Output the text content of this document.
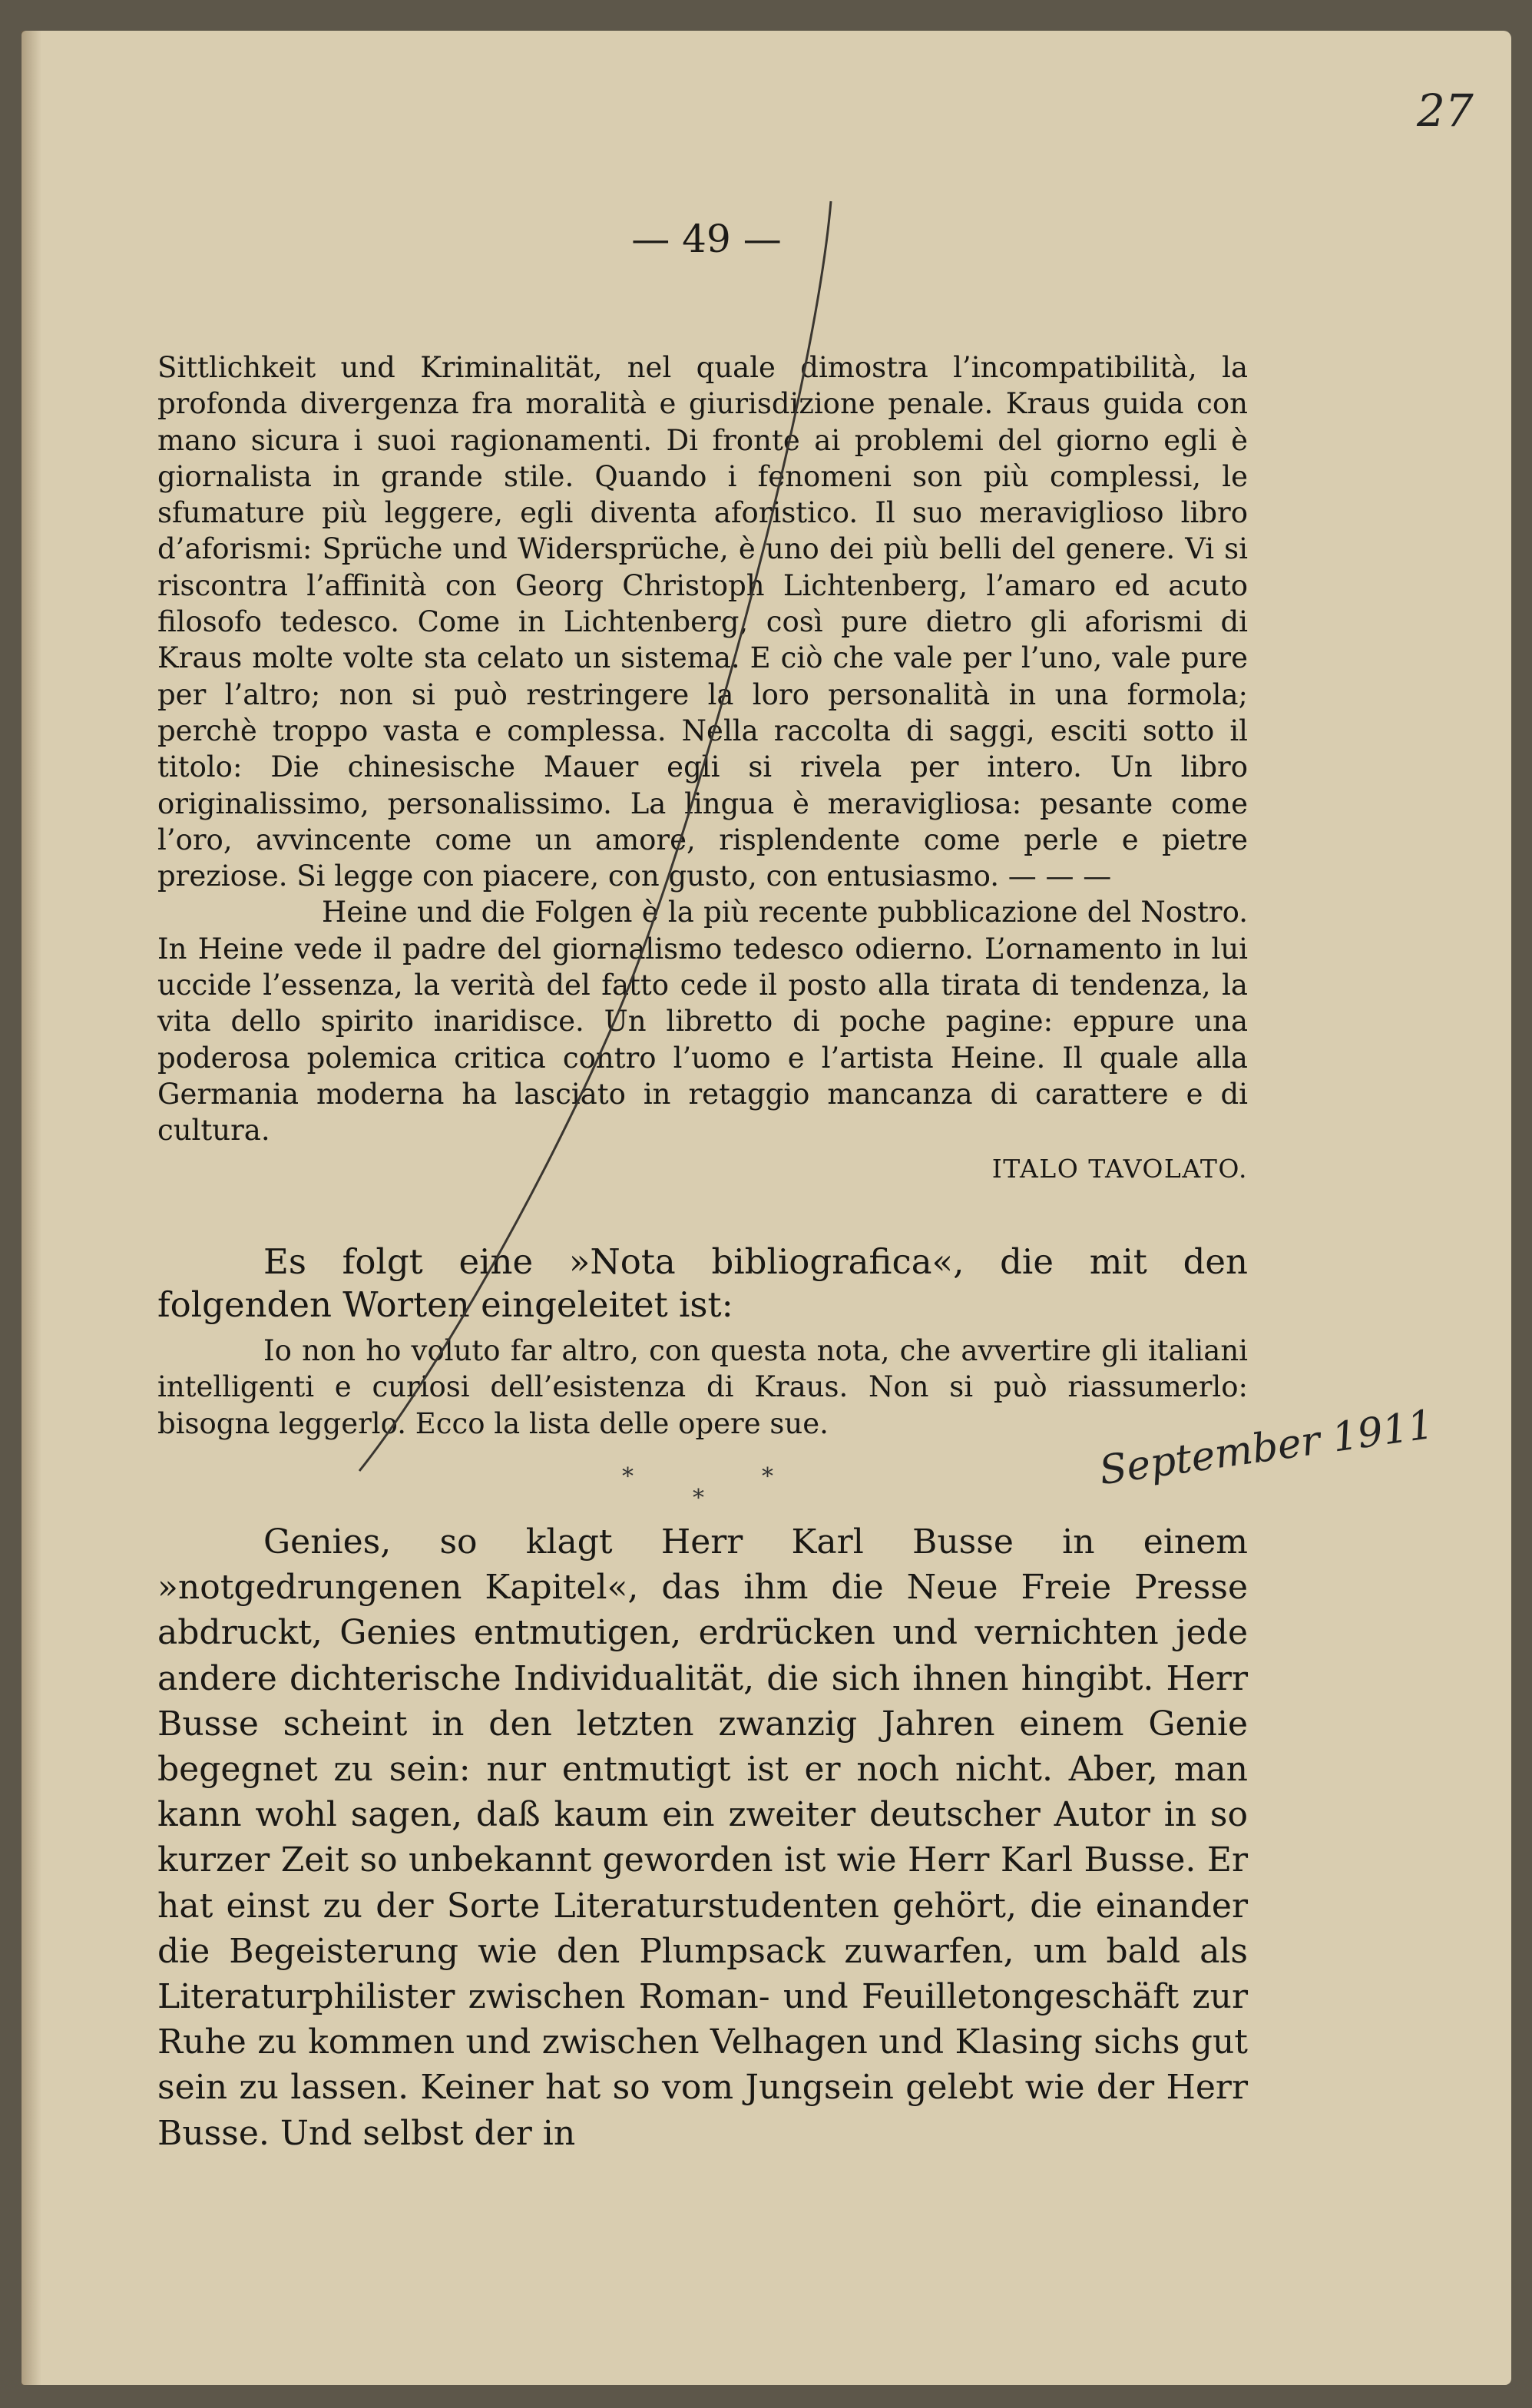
27
— 49 —

Sittlichkeit und Kriminalität, nel quale dimostra l’incompatibilità, la profonda divergenza fra moralità e giurisdizione penale. Kraus guida con mano sicura i suoi ragionamenti. Di fronte ai problemi del giorno egli è giornalista in grande stile. Quando i fenomeni son più complessi, le sfumature più leggere, egli diventa aforistico. Il suo meraviglioso libro d’aforismi: Sprüche und Widersprüche, è uno dei più belli del genere. Vi si riscontra l’affinità con Georg Christoph Lichtenberg, l’amaro ed acuto filosofo tedesco. Come in Lichtenberg, così pure dietro gli aforismi di Kraus molte volte sta celato un sistema. E ciò che vale per l’uno, vale pure per l’altro; non si può restringere la loro personalità in una formola; perchè troppo vasta e complessa. Nella raccolta di saggi, esciti sotto il titolo: Die chinesische Mauer egli si rivela per intero. Un libro originalissimo, personalissimo. La lingua è meravigliosa: pesante come l’oro, avvincente come un amore, risplendente come perle e pietre preziose. Si legge con piacere, con gusto, con entusiasmo. — — —

Heine und die Folgen è la più recente pubblicazione del Nostro. In Heine vede il padre del giornalismo tedesco odierno. L’ornamento in lui uccide l’essenza, la verità del fatto cede il posto alla tirata di tendenza, la vita dello spirito inaridisce. Un libretto di poche pagine: eppure una poderosa polemica critica contro l’uomo e l’artista Heine. Il quale alla Germania moderna ha lasciato in retaggio mancanza di carattere e di cultura.

ITALO TAVOLATO.

Es folgt eine »Nota bibliografica«, die mit den folgenden Worten eingeleitet ist:

Io non ho voluto far altro, con questa nota, che avvertire gli italiani intelligenti e curiosi dell’esistenza di Kraus. Non si può riassumerlo: bisogna leggerlo. Ecco la lista delle opere sue.	September 1911
*
*
*

Genies, so klagt Herr Karl Busse in einem »notgedrungenen Kapitel«, das ihm die Neue Freie Presse abdruckt, Genies entmutigen, erdrücken und vernichten jede andere dichterische Individualität, die sich ihnen hingibt. Herr Busse scheint in den letzten zwanzig Jahren einem Genie begegnet zu sein: nur entmutigt ist er noch nicht. Aber, man kann wohl sagen, daß kaum ein zweiter deutscher Autor in so kurzer Zeit so unbekannt geworden ist wie Herr Karl Busse. Er hat einst zu der Sorte Literaturstudenten gehört, die einander die Begeisterung wie den Plumpsack zuwarfen, um bald als Literaturphilister zwischen Roman- und Feuilletongeschäft zur Ruhe zu kommen und zwischen Velhagen und Klasing sichs gut sein zu lassen. Keiner hat so vom Jungsein gelebt wie der Herr Busse. Und selbst der in
